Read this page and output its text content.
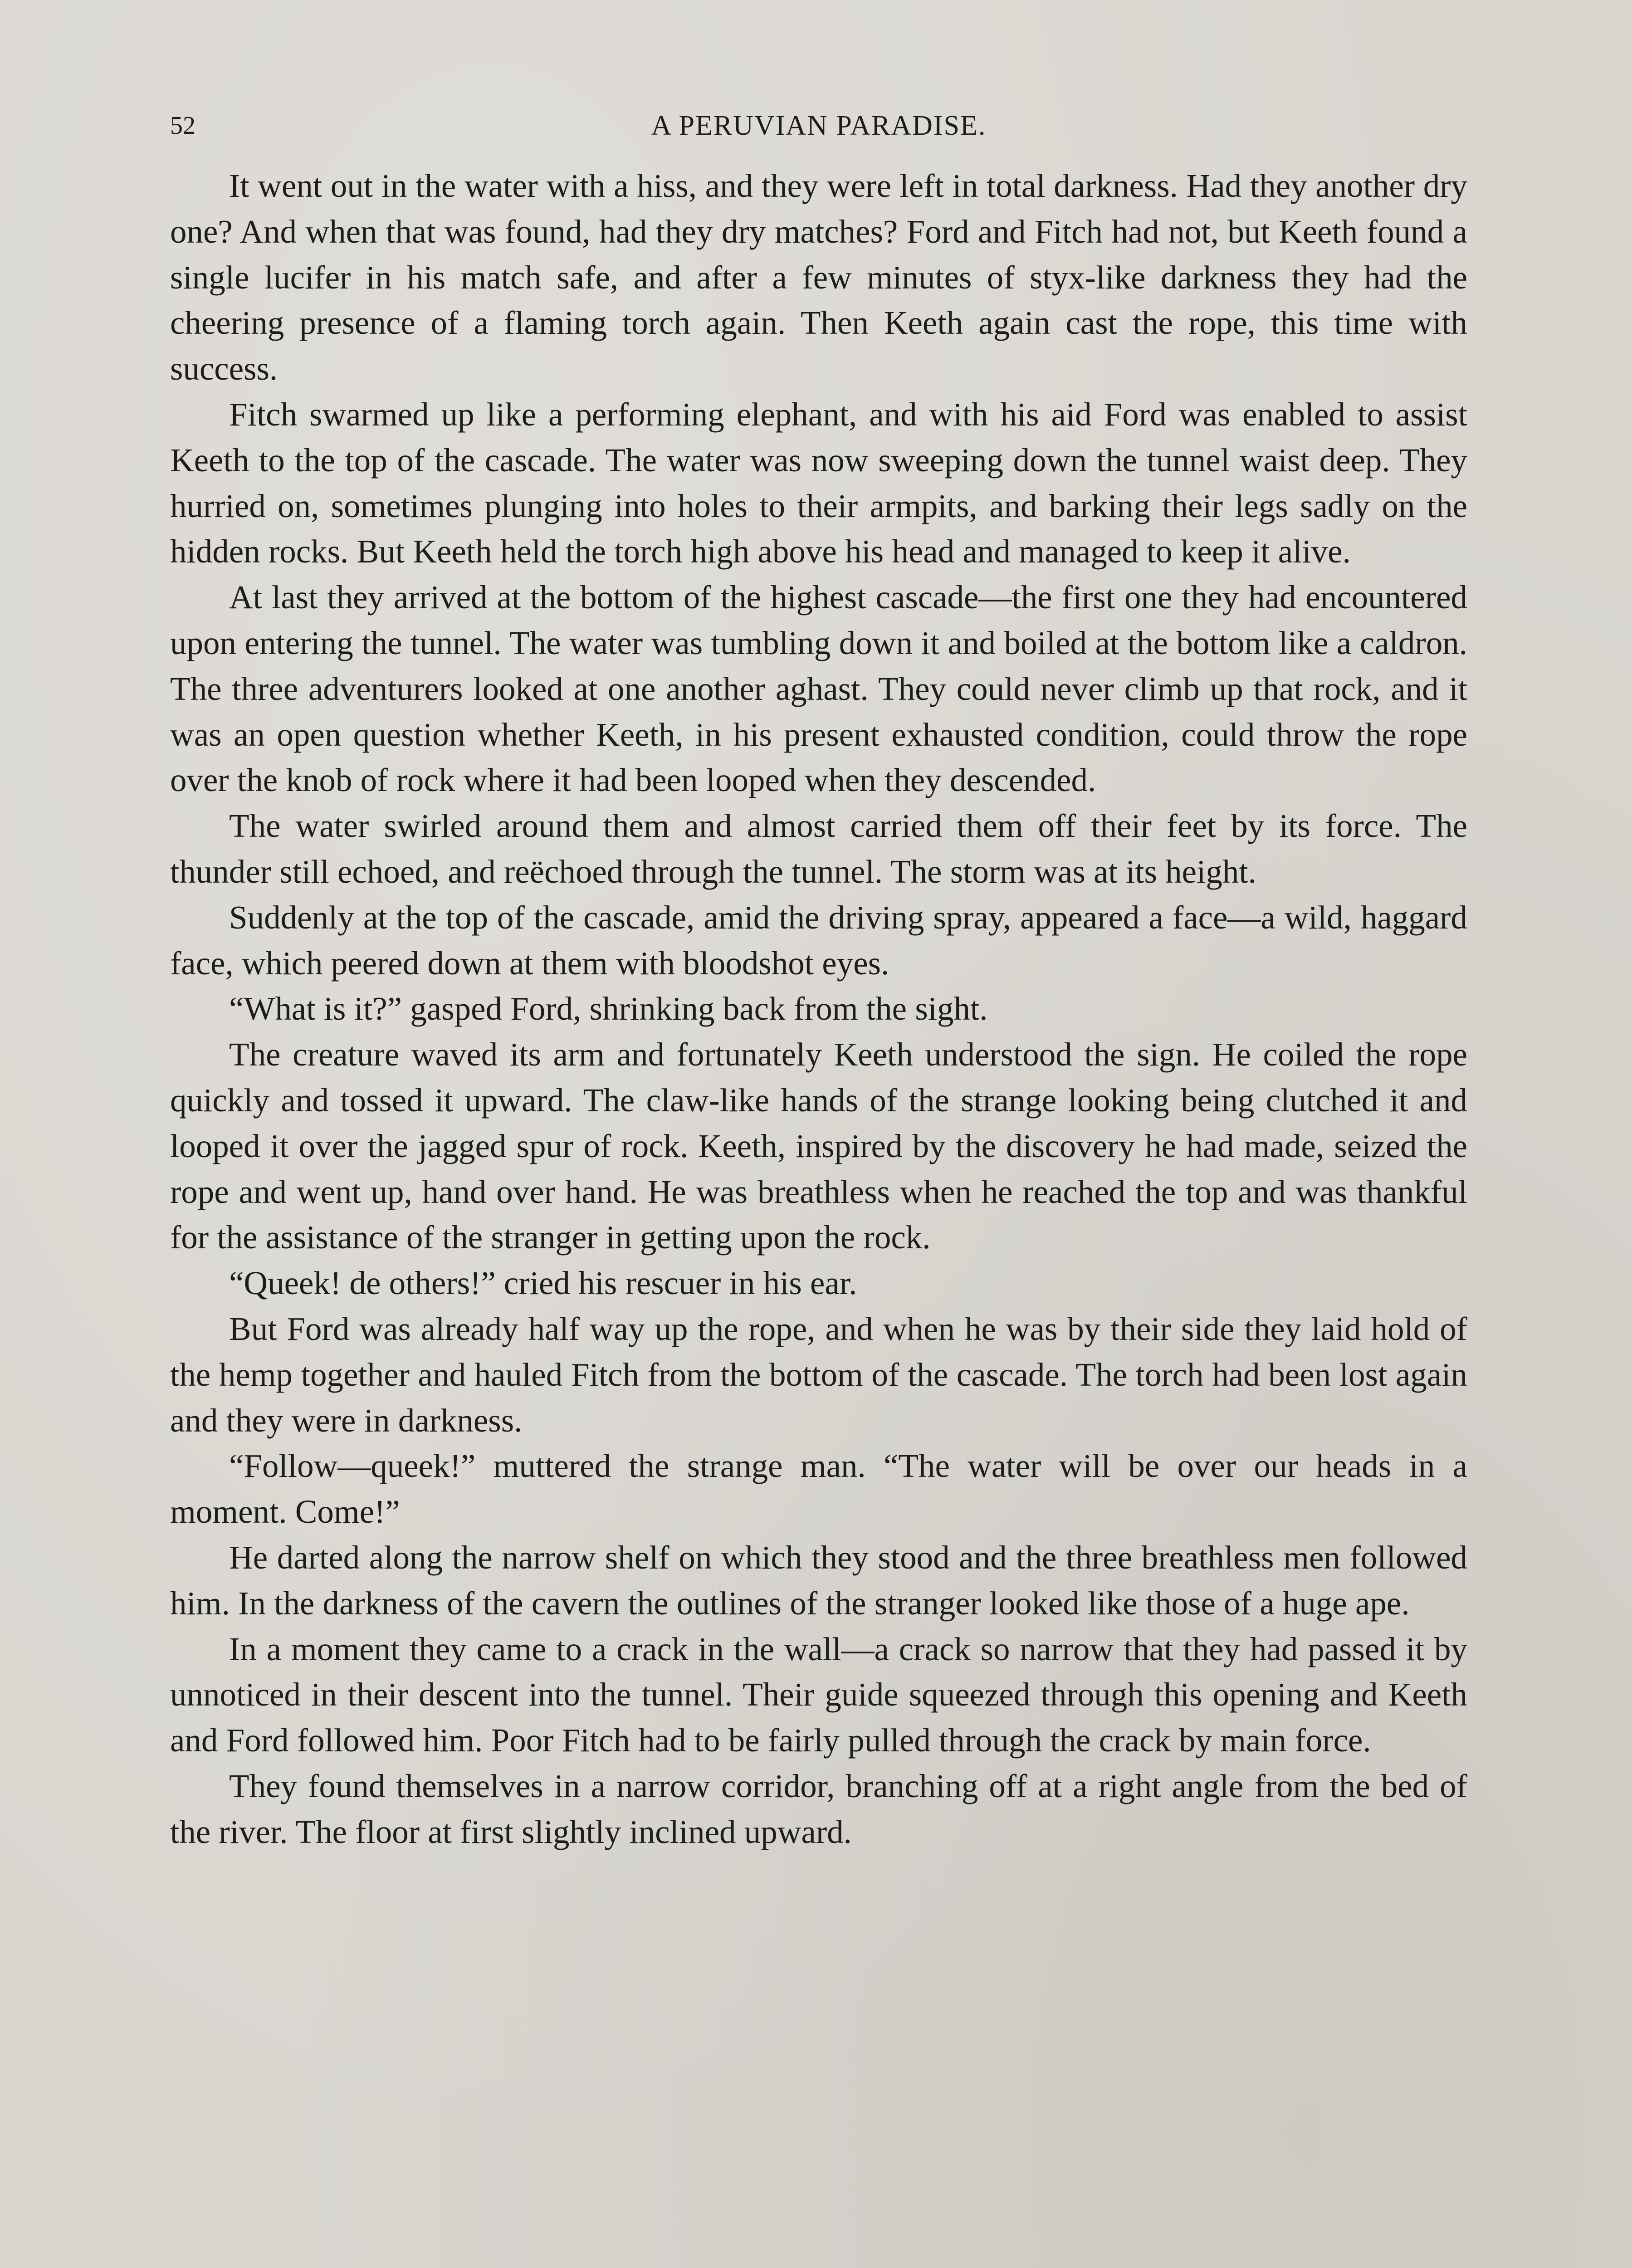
52	A PERUVIAN PARADISE.

It went out in the water with a hiss, and they were left in total darkness. Had they another dry one? And when that was found, had they dry matches? Ford and Fitch had not, but Keeth found a single lucifer in his match safe, and after a few minutes of styx-like darkness they had the cheering presence of a flaming torch again. Then Keeth again cast the rope, this time with success.

Fitch swarmed up like a performing elephant, and with his aid Ford was enabled to assist Keeth to the top of the cascade. The water was now sweeping down the tunnel waist deep. They hurried on, sometimes plunging into holes to their armpits, and barking their legs sadly on the hidden rocks. But Keeth held the torch high above his head and managed to keep it alive.

At last they arrived at the bottom of the highest cascade—the first one they had encountered upon entering the tunnel. The water was tumbling down it and boiled at the bottom like a caldron. The three adventurers looked at one another aghast. They could never climb up that rock, and it was an open question whether Keeth, in his present exhausted condition, could throw the rope over the knob of rock where it had been looped when they descended.

The water swirled around them and almost carried them off their feet by its force. The thunder still echoed, and reëchoed through the tunnel. The storm was at its height.

Suddenly at the top of the cascade, amid the driving spray, appeared a face—a wild, haggard face, which peered down at them with bloodshot eyes.

“What is it?” gasped Ford, shrinking back from the sight.

The creature waved its arm and fortunately Keeth understood the sign. He coiled the rope quickly and tossed it upward. The claw-like hands of the strange looking being clutched it and looped it over the jagged spur of rock. Keeth, inspired by the discovery he had made, seized the rope and went up, hand over hand. He was breathless when he reached the top and was thankful for the assistance of the stranger in getting upon the rock.

“Queek! de others!” cried his rescuer in his ear.

But Ford was already half way up the rope, and when he was by their side they laid hold of the hemp together and hauled Fitch from the bottom of the cascade. The torch had been lost again and they were in darkness.

“Follow—queek!” muttered the strange man. “The water will be over our heads in a moment. Come!”

He darted along the narrow shelf on which they stood and the three breathless men followed him. In the darkness of the cavern the outlines of the stranger looked like those of a huge ape.

In a moment they came to a crack in the wall—a crack so narrow that they had passed it by unnoticed in their descent into the tunnel. Their guide squeezed through this opening and Keeth and Ford followed him. Poor Fitch had to be fairly pulled through the crack by main force.

They found themselves in a narrow corridor, branching off at a right angle from the bed of the river. The floor at first slightly inclined upward.
